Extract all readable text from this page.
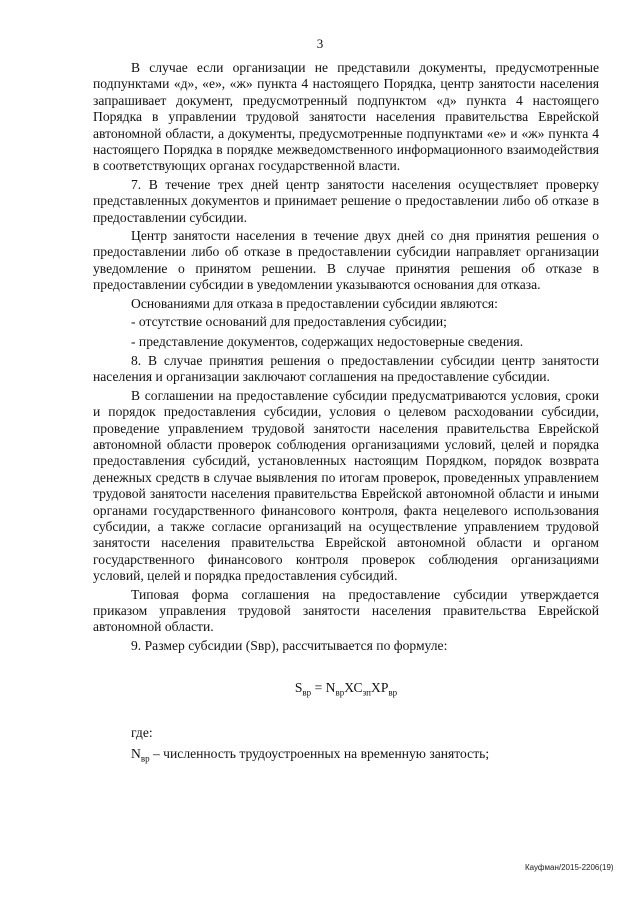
3

В случае если организации не представили документы, предусмотренные подпунктами «д», «е», «ж» пункта 4 настоящего Порядка, центр занятости населения запрашивает документ, предусмотренный подпунктом «д» пункта 4 настоящего Порядка в управлении трудовой занятости населения правительства Еврейской автономной области, а документы, предусмотренные подпунктами «е» и «ж» пункта 4 настоящего Порядка в порядке межведомственного информационного взаимодействия в соответствующих органах государственной власти.

7. В течение трех дней центр занятости населения осуществляет проверку представленных документов и принимает решение о предоставлении либо об отказе в предоставлении субсидии.

Центр занятости населения в течение двух дней со дня принятия решения о предоставлении либо об отказе в предоставлении субсидии направляет организации уведомление о принятом решении. В случае принятия решения об отказе в предоставлении субсидии в уведомлении указываются основания для отказа.

Основаниями для отказа в предоставлении субсидии являются:

- отсутствие оснований для предоставления субсидии;

- представление документов, содержащих недостоверные сведения.

8. В случае принятия решения о предоставлении субсидии центр занятости населения и организации заключают соглашения на предоставление субсидии.

В соглашении на предоставление субсидии предусматриваются условия, сроки и порядок предоставления субсидии, условия о целевом расходовании субсидии, проведение управлением трудовой занятости населения правительства Еврейской автономной области проверок соблюдения организациями условий, целей и порядка предоставления субсидий, установленных настоящим Порядком, порядок возврата денежных средств в случае выявления по итогам проверок, проведенных управлением трудовой занятости населения правительства Еврейской автономной области и иными органами государственного финансового контроля, факта нецелевого использования субсидии, а также согласие организаций на осуществление управлением трудовой занятости населения правительства Еврейской автономной области и органом государственного финансового контроля проверок соблюдения организациями условий, целей и порядка предоставления субсидий.

Типовая форма соглашения на предоставление субсидии утверждается приказом управления трудовой занятости населения правительства Еврейской автономной области.

9. Размер субсидии (Sвр), рассчитывается по формуле:

$S_{вр} = N_{вр}ХС_{зп}ХР_{вр}$

где:

$N_{вр}$ – численность трудоустроенных на временную занятость;

Кауфман/2015-2206(19)
